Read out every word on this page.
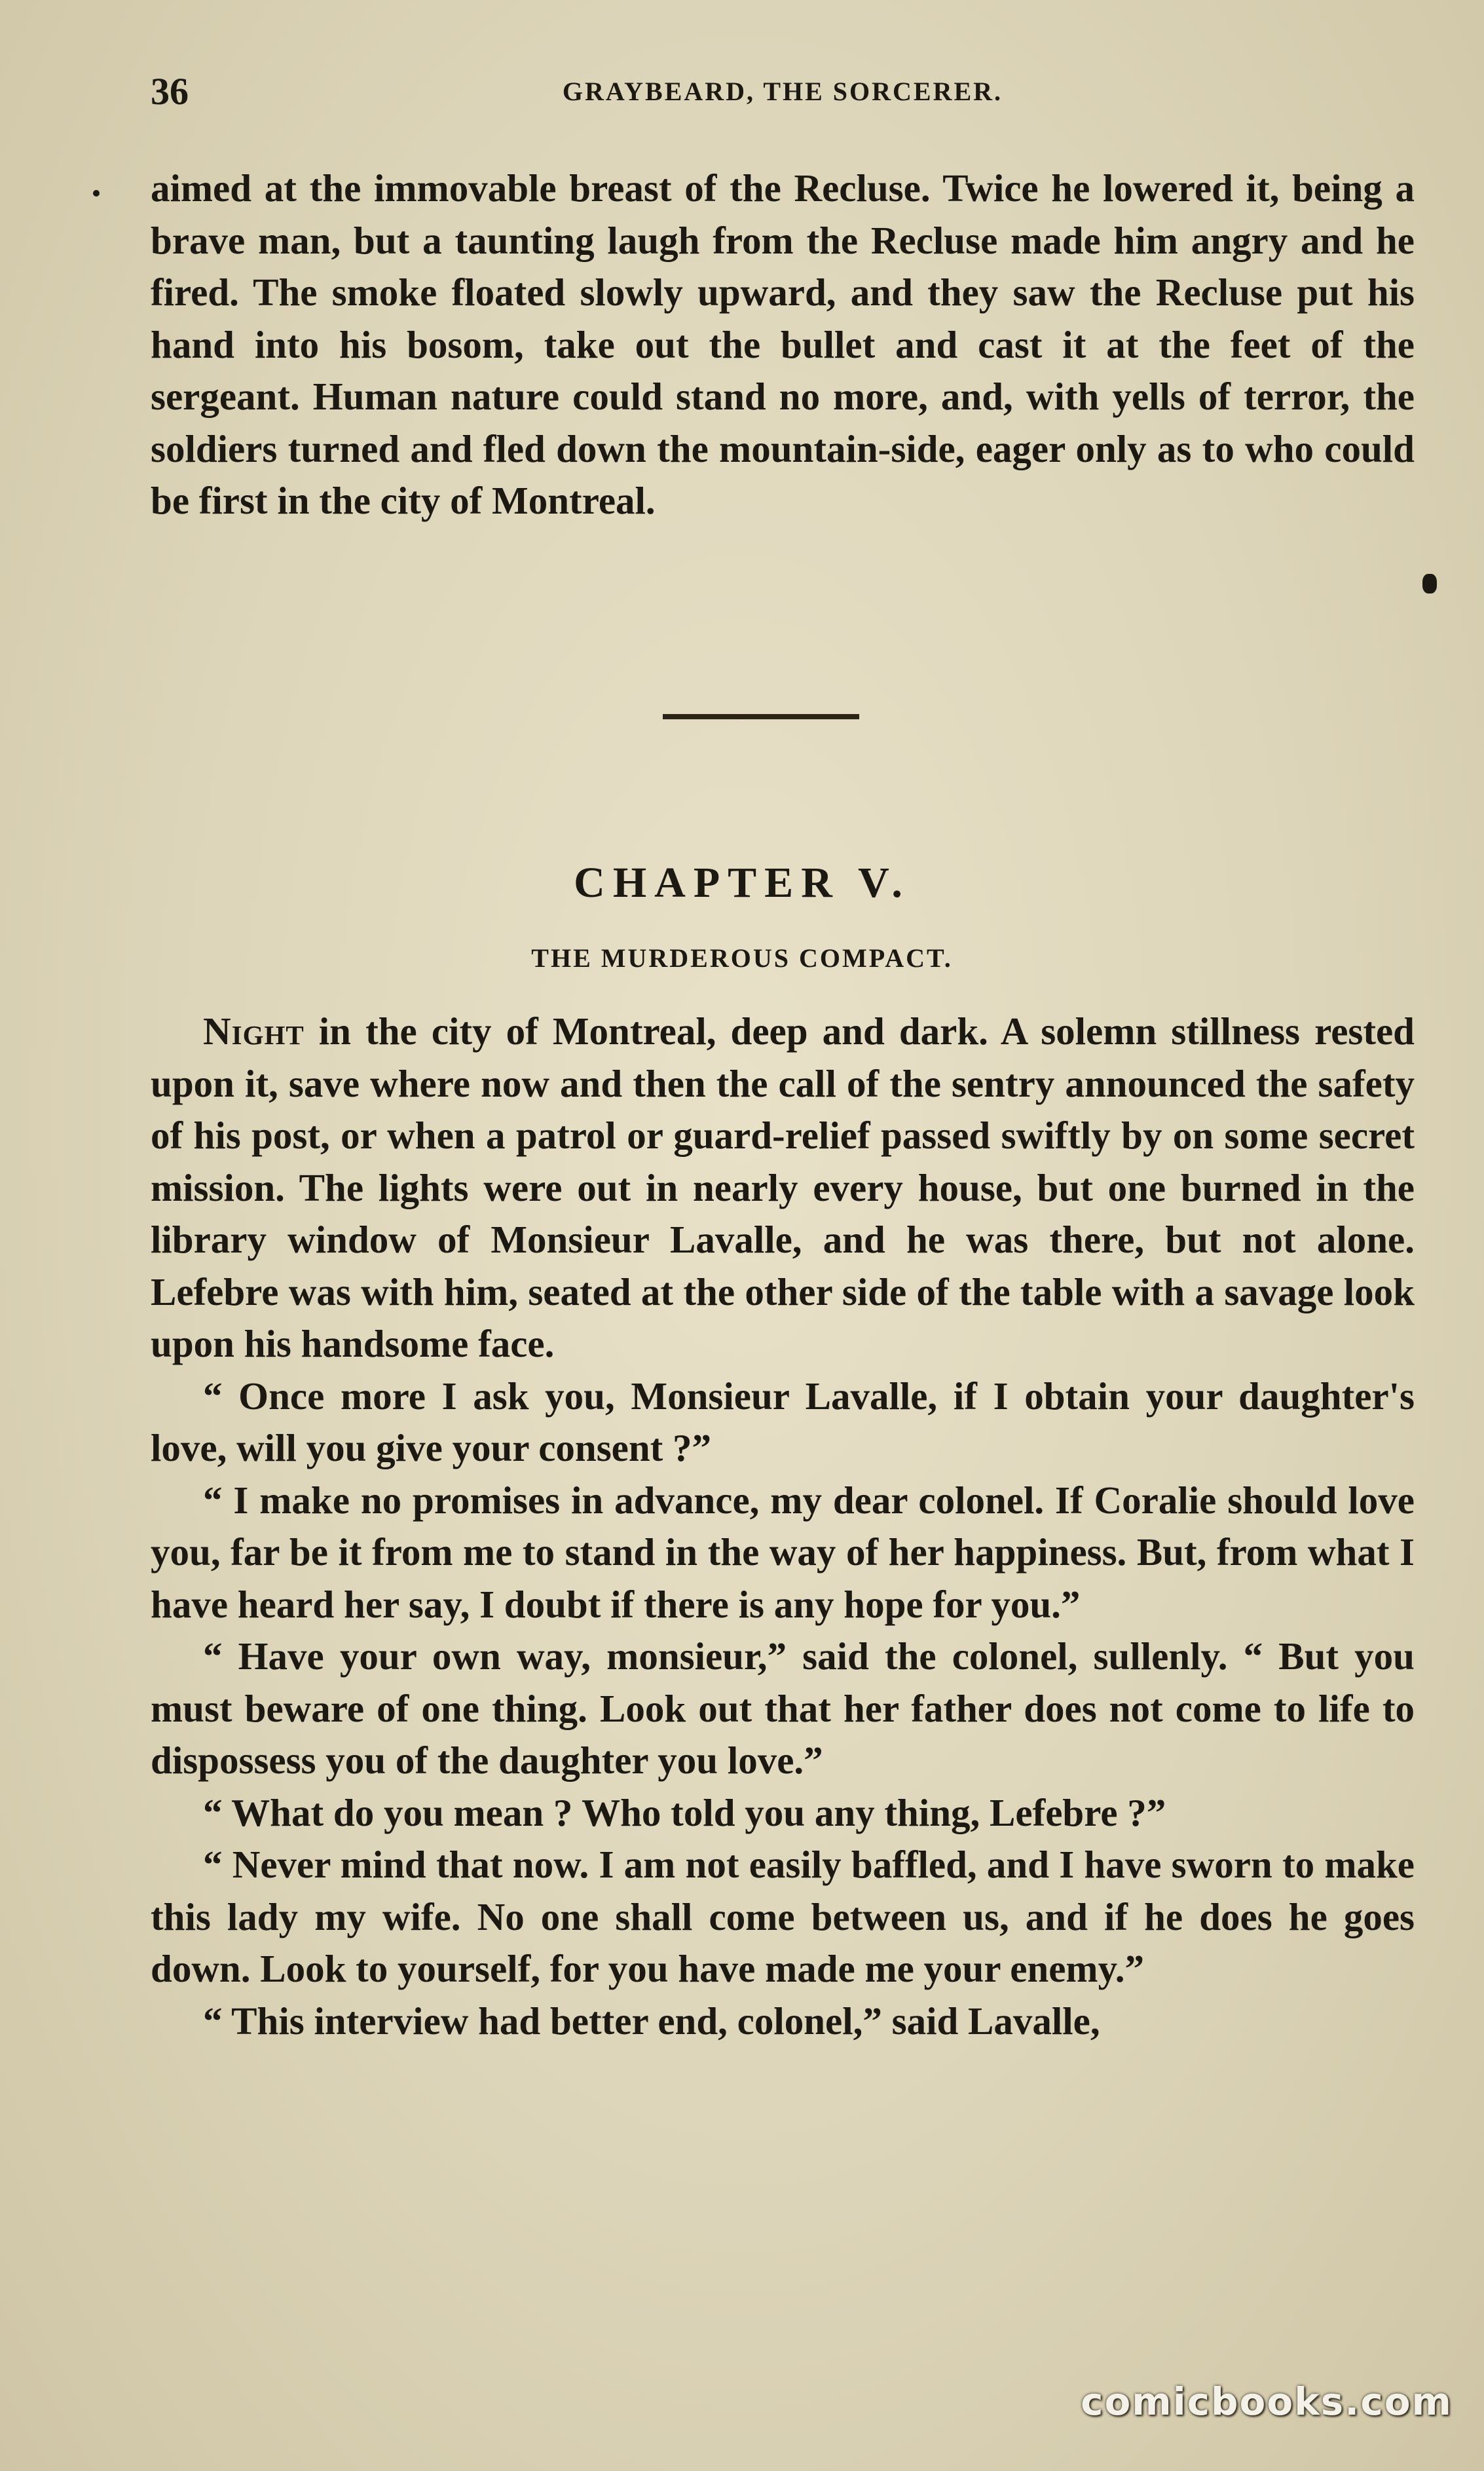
36	GRAYBEARD, THE SORCERER.

aimed at the immovable breast of the Recluse. Twice he lowered it, being a brave man, but a taunting laugh from the Recluse made him angry and he fired. The smoke floated slowly upward, and they saw the Recluse put his hand into his bosom, take out the bullet and cast it at the feet of the sergeant. Human nature could stand no more, and, with yells of terror, the soldiers turned and fled down the mountain-side, eager only as to who could be first in the city of Montreal.

CHAPTER V.
THE MURDEROUS COMPACT.

Night in the city of Montreal, deep and dark. A solemn stillness rested upon it, save where now and then the call of the sentry announced the safety of his post, or when a patrol or guard-relief passed swiftly by on some secret mission. The lights were out in nearly every house, but one burned in the library window of Monsieur Lavalle, and he was there, but not alone. Lefebre was with him, seated at the other side of the table with a savage look upon his handsome face.

“ Once more I ask you, Monsieur Lavalle, if I obtain your daughter's love, will you give your consent ?”

“ I make no promises in advance, my dear colonel. If Coralie should love you, far be it from me to stand in the way of her happiness. But, from what I have heard her say, I doubt if there is any hope for you.”

“ Have your own way, monsieur,” said the colonel, sullenly. “ But you must beware of one thing. Look out that her father does not come to life to dispossess you of the daughter you love.”

“ What do you mean ? Who told you any thing, Lefebre ?”

“ Never mind that now. I am not easily baffled, and I have sworn to make this lady my wife. No one shall come between us, and if he does he goes down. Look to yourself, for you have made me your enemy.”

“ This interview had better end, colonel,” said Lavalle,

comicbooks.com
